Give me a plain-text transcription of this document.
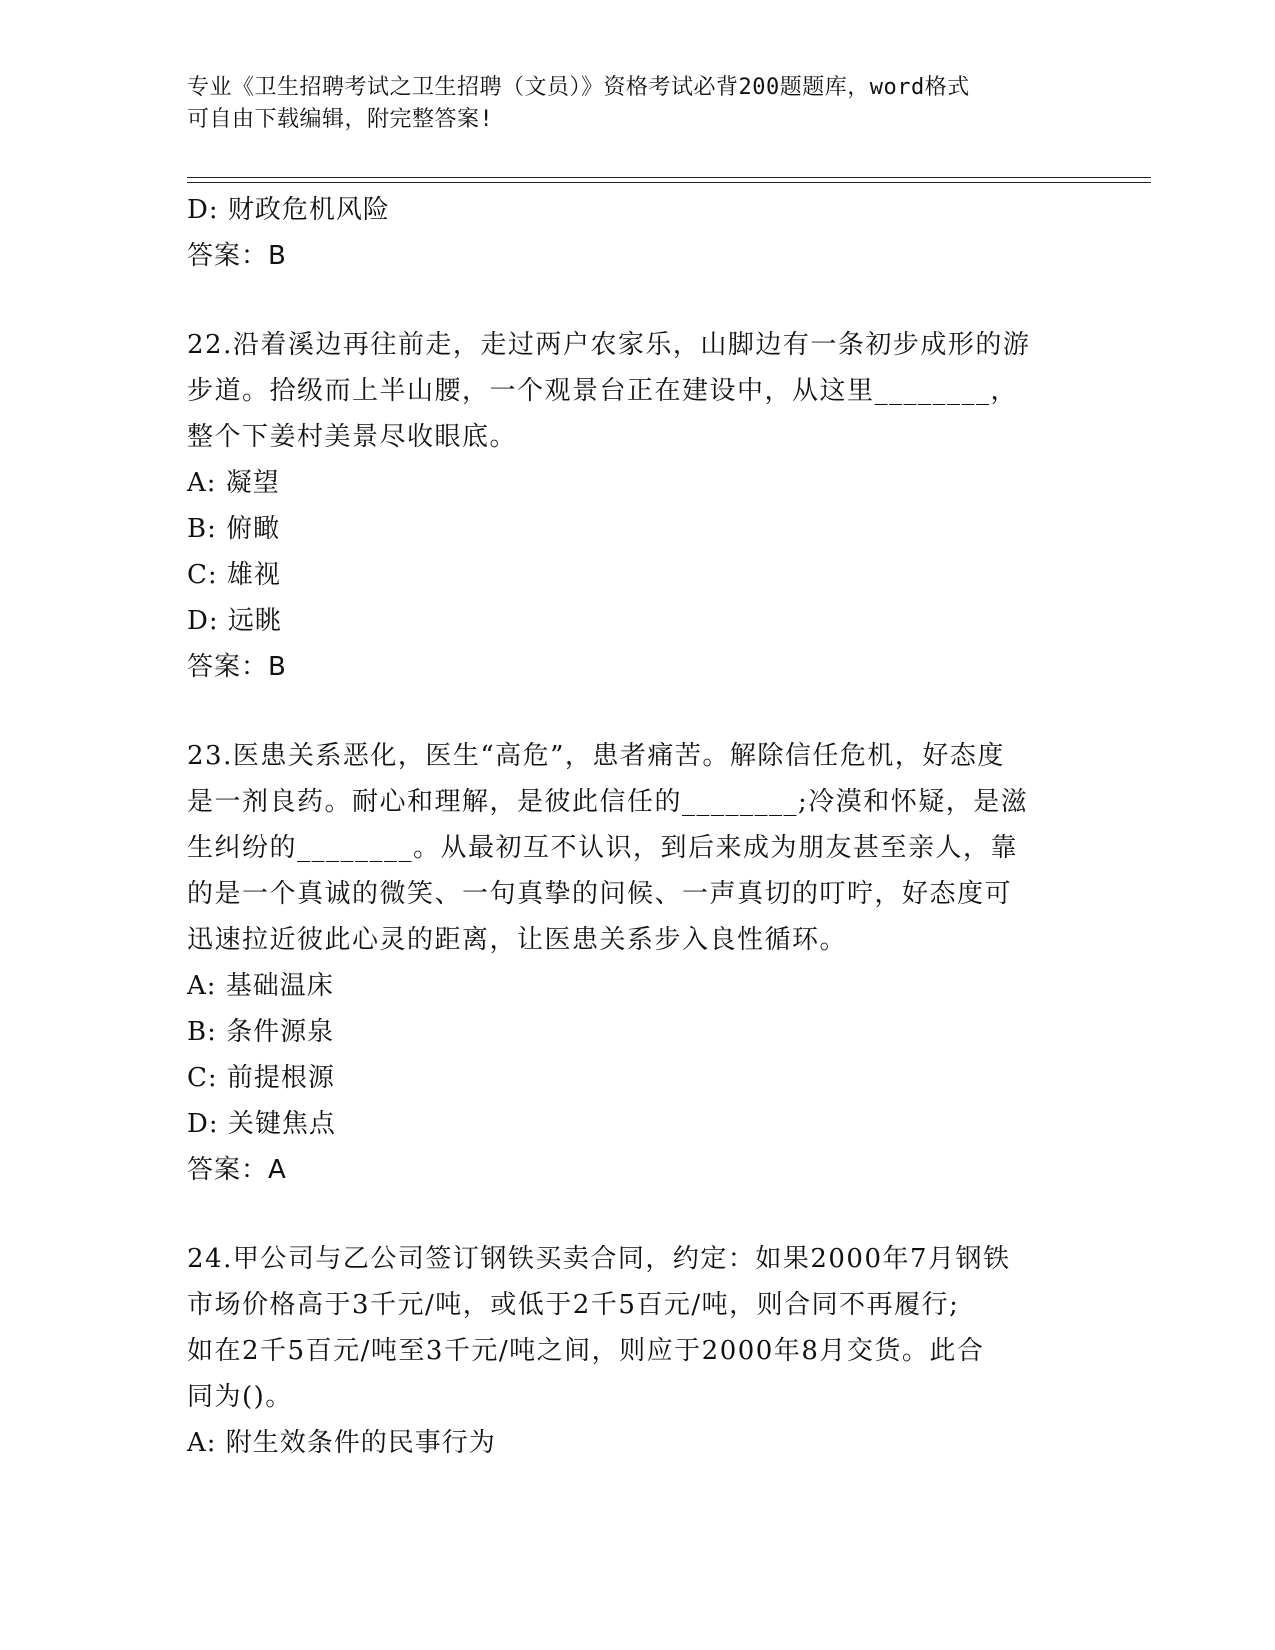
专业《卫生招聘考试之卫生招聘（文员）》资格考试必背200题题库，word格式
可自由下载编辑，附完整答案!
D: 财政危机风险
答案：B
22.沿着溪边再往前走，走过两户农家乐，山脚边有一条初步成形的游
步道。拾级而上半山腰，一个观景台正在建设中，从这里________，
整个下姜村美景尽收眼底。
A: 凝望
B: 俯瞰
C: 雄视
D: 远眺
答案：B
23.医患关系恶化，医生“高危”，患者痛苦。解除信任危机，好态度
是一剂良药。耐心和理解，是彼此信任的________;冷漠和怀疑，是滋
生纠纷的________。从最初互不认识，到后来成为朋友甚至亲人，靠
的是一个真诚的微笑、一句真挚的问候、一声真切的叮咛，好态度可
迅速拉近彼此心灵的距离，让医患关系步入良性循环。
A: 基础温床
B: 条件源泉
C: 前提根源
D: 关键焦点
答案：A
24.甲公司与乙公司签订钢铁买卖合同，约定：如果2000年7月钢铁
市场价格高于3千元/吨，或低于2千5百元/吨，则合同不再履行;
如在2千5百元/吨至3千元/吨之间，则应于2000年8月交货。此合
同为()。
A: 附生效条件的民事行为
